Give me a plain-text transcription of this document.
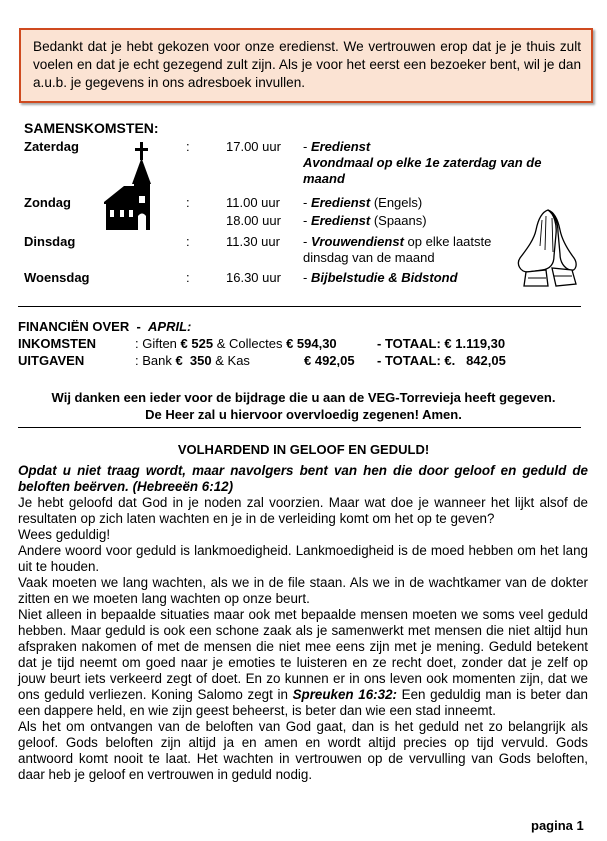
Bedankt dat je hebt gekozen voor onze eredienst. We vertrouwen erop dat je je thuis zult voelen en dat je echt gezegend zult zijn. Als je voor het eerst een bezoeker bent, wil je dan a.u.b. je gegevens in ons adresboek invullen.
SAMENSKOMSTEN:
Zaterdag	:	17.00 uur - Eredienst
Avondmaal op elke 1e zaterdag van de maand
Zondag	:	11.00 uur - Eredienst (Engels)
18.00 uur - Eredienst (Spaans)
Dinsdag	:	11.30 uur - Vrouwendienst op elke laatste dinsdag van de maand
Woensdag	:	16.30 uur - Bijbelstudie & Bidstond
FINANCIËN OVER  -  APRIL:
INKOMSTEN	: Giften € 525 & Collectes € 594,30	- TOTAAL: € 1.119,30
UITGAVEN	: Bank €  350 & Kas	€ 492,05 - TOTAAL: €.   842,05
Wij danken een ieder voor de bijdrage die u aan de VEG-Torrevieja heeft gegeven.
De Heer zal u hiervoor overvloedig zegenen! Amen.
VOLHARDEND IN GELOOF EN GEDULD!

Opdat u niet traag wordt, maar navolgers bent van hen die door geloof en geduld de beloften beërven. (Hebreeën 6:12)

Je hebt geloofd dat God in je noden zal voorzien. Maar wat doe je wanneer het lijkt alsof de resultaten op zich laten wachten en je in de verleiding komt om het op te geven?

Wees geduldig!

Andere woord voor geduld is lankmoedigheid. Lankmoedigheid is de moed hebben om het lang uit te houden.

Vaak moeten we lang wachten, als we in de file staan. Als we in de wachtkamer van de dokter zitten en we moeten lang wachten op onze beurt.

Niet alleen in bepaalde situaties maar ook met bepaalde mensen moeten we soms veel geduld hebben. Maar geduld is ook een schone zaak als je samenwerkt met mensen die niet altijd hun afspraken nakomen of met de mensen die niet mee eens zijn met je mening. Geduld betekent dat je tijd neemt om goed naar je emoties te luisteren en ze recht doet, zonder dat je zelf op jouw beurt iets verkeerd zegt of doet. En zo kunnen er in ons leven ook momenten zijn, dat we ons geduld verliezen. Koning Salomo zegt in Spreuken 16:32: Een geduldig man is beter dan een dappere held, en wie zijn geest beheerst, is beter dan wie een stad inneemt.

Als het om ontvangen van de beloften van God gaat, dan is het geduld net zo belangrijk als geloof. Gods beloften zijn altijd ja en amen en wordt altijd precies op tijd vervuld. Gods antwoord komt nooit te laat. Het wachten in vertrouwen op de vervulling van Gods beloften, daar heb je geloof en vertrouwen in geduld nodig.

pagina 1
